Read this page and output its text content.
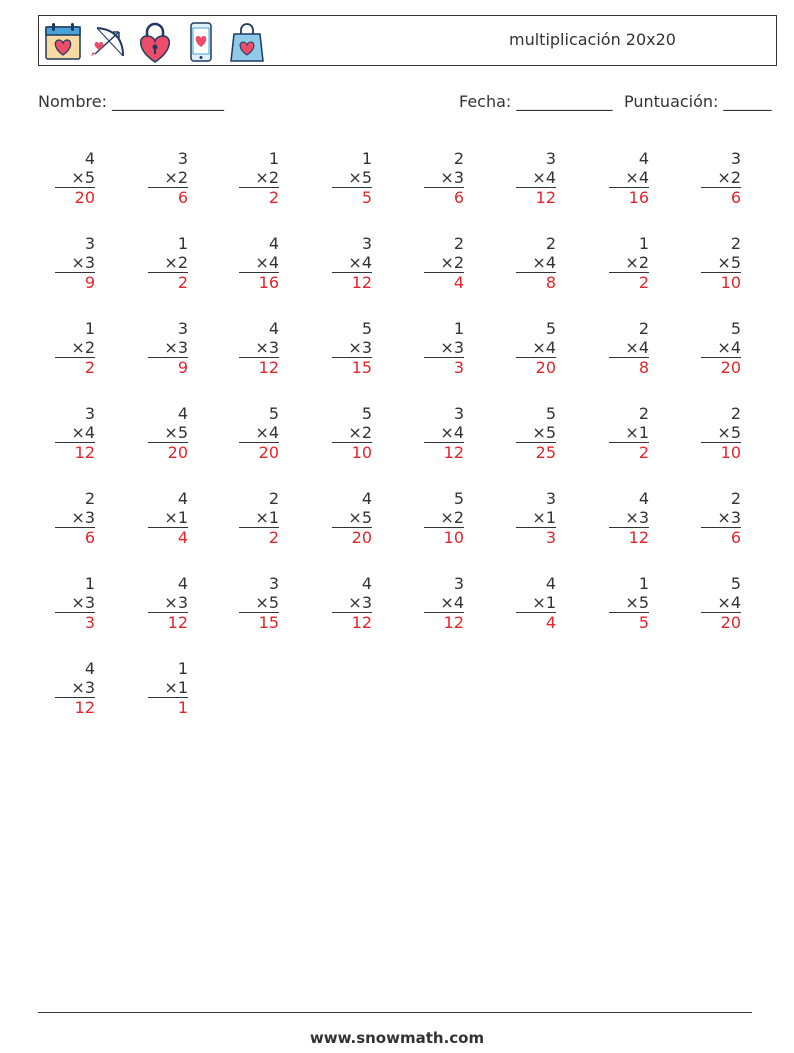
multiplicación 20x20
Nombre: ______________	Fecha: ____________ Puntuación: ______
4
×5
20
3
×2
6
1
×2
2
1
×5
5
2
×3
6
3
×4
12
4
×4
16
3
×2
6
3
×3
9
1
×2
2
4
×4
16
3
×4
12
2
×2
4
2
×4
8
1
×2
2
2
×5
10
1
×2
2
3
×3
9
4
×3
12
5
×3
15
1
×3
3
5
×4
20
2
×4
8
5
×4
20
3
×4
12
4
×5
20
5
×4
20
5
×2
10
3
×4
12
5
×5
25
2
×1
2
2
×5
10
2
×3
6
4
×1
4
2
×1
2
4
×5
20
5
×2
10
3
×1
3
4
×3
12
2
×3
6
1
×3
3
4
×3
12
3
×5
15
4
×3
12
3
×4
12
4
×1
4
1
×5
5
5
×4
20
4
×3
12
1
×1
1
www.snowmath.com
